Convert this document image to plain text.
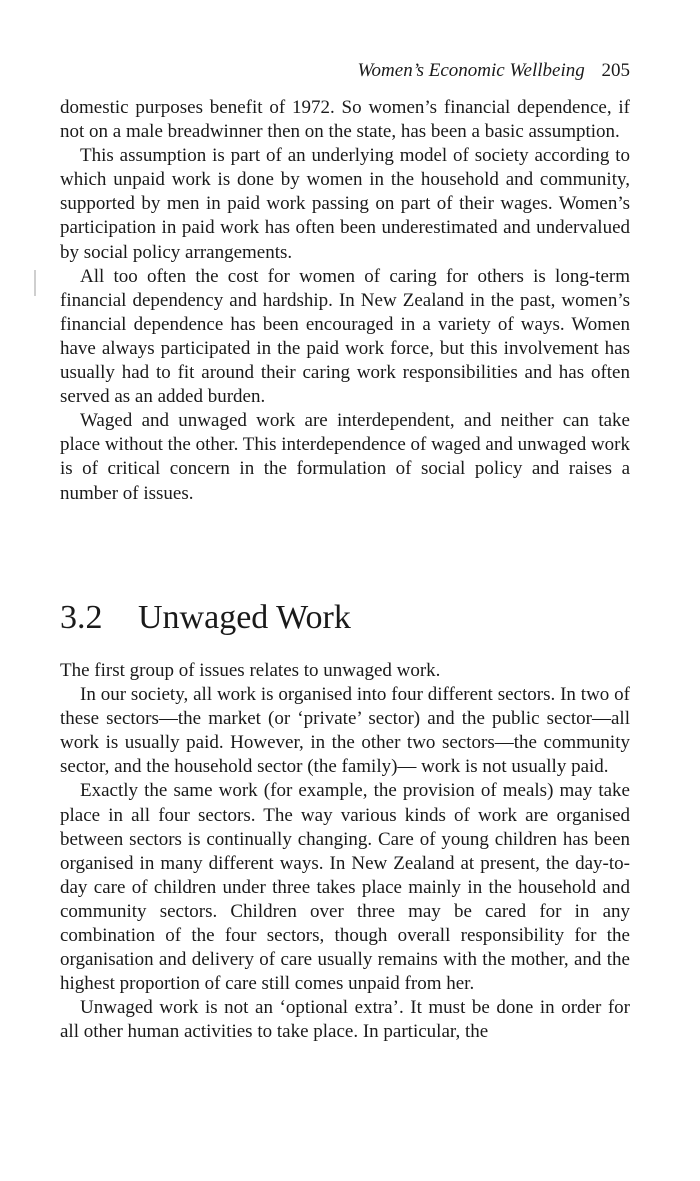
Women’s Economic Wellbeing 205

domestic purposes benefit of 1972. So women’s financial dependence, if not on a male breadwinner then on the state, has been a basic assumption.

This assumption is part of an underlying model of society according to which unpaid work is done by women in the household and community, supported by men in paid work passing on part of their wages. Women’s participation in paid work has often been underestimated and undervalued by social policy arrangements.

All too often the cost for women of caring for others is long-term financial dependency and hardship. In New Zealand in the past, women’s financial dependence has been encouraged in a variety of ways. Women have always participated in the paid work force, but this involvement has usually had to fit around their caring work responsibilities and has often served as an added burden.

Waged and unwaged work are interdependent, and neither can take place without the other. This interdependence of waged and unwaged work is of critical concern in the formulation of social policy and raises a number of issues.

3.2 Unwaged Work

The first group of issues relates to unwaged work.

In our society, all work is organised into four different sectors. In two of these sectors—the market (or ‘private’ sector) and the public sector—all work is usually paid. However, in the other two sectors—the community sector, and the household sector (the family)— work is not usually paid.

Exactly the same work (for example, the provision of meals) may take place in all four sectors. The way various kinds of work are organised between sectors is continually changing. Care of young children has been organised in many different ways. In New Zealand at present, the day-to-day care of children under three takes place mainly in the household and community sectors. Children over three may be cared for in any combination of the four sectors, though overall responsibility for the organisation and delivery of care usually remains with the mother, and the highest proportion of care still comes unpaid from her.

Unwaged work is not an ‘optional extra’. It must be done in order for all other human activities to take place. In particular, the
